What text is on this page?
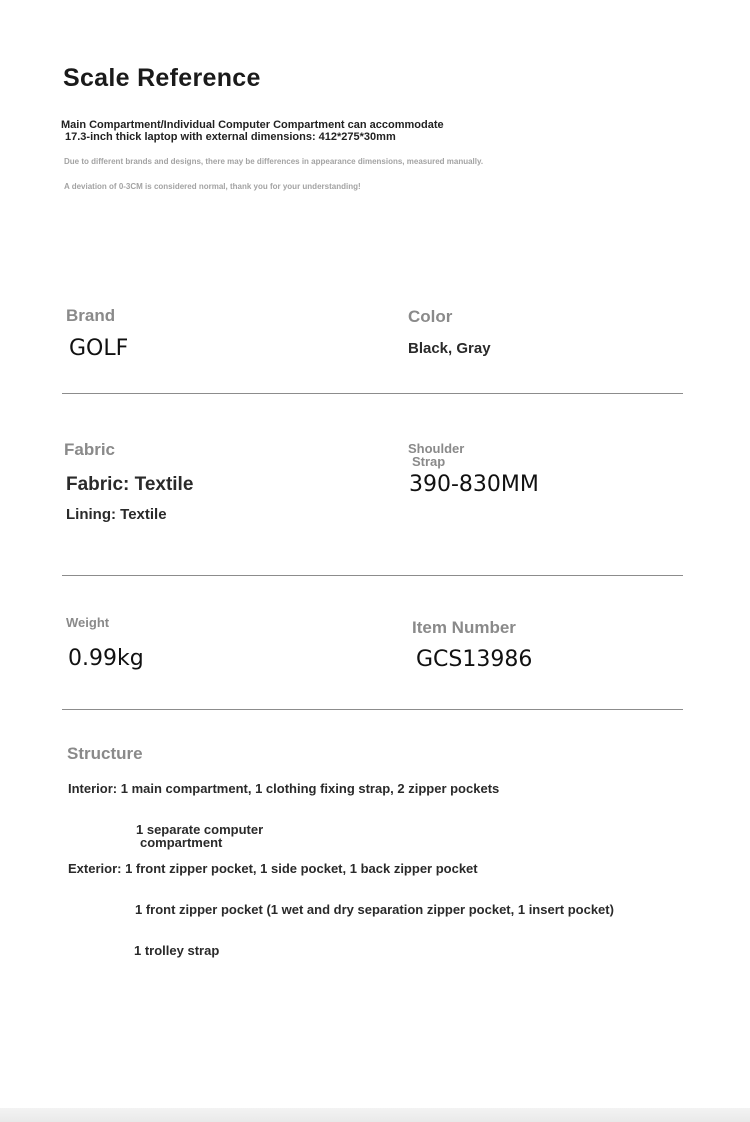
Scale Reference
Main Compartment/Individual Computer Compartment can accommodate
17.3-inch thick laptop with external dimensions: 412*275*30mm
Due to different brands and designs, there may be differences in appearance dimensions, measured manually.
A deviation of 0-3CM is considered normal, thank you for your understanding!
Brand
GOLF
Color
Black, Gray
Fabric
Fabric: Textile
Lining: Textile
Shoulder
Strap
390-830MM
Weight
0.99kg
Item Number
GCS13986
Structure
Interior: 1 main compartment, 1 clothing fixing strap, 2 zipper pockets
1 separate computer
compartment
Exterior: 1 front zipper pocket, 1 side pocket, 1 back zipper pocket
1 front zipper pocket (1 wet and dry separation zipper pocket, 1 insert pocket)
1 trolley strap
